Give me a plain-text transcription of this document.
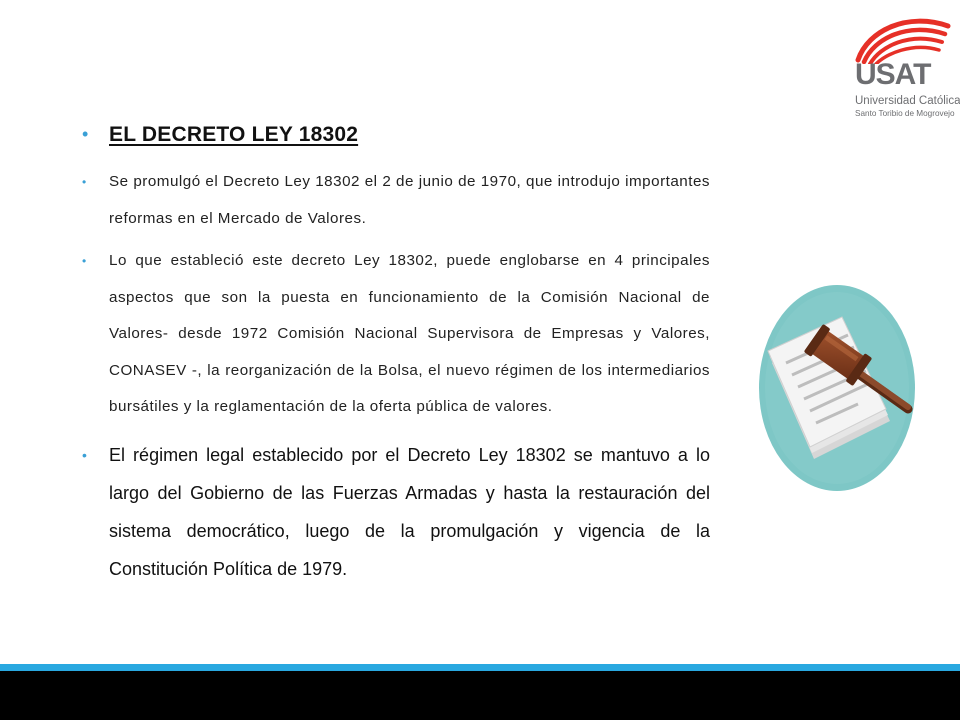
USAT
Universidad Católica
Santo Toribio de Mogrovejo
• EL DECRETO LEY 18302
• Se promulgó el Decreto Ley 18302 el 2 de junio de 1970, que introdujo importantes reformas en el Mercado de Valores.
• Lo que estableció este decreto Ley 18302, puede englobarse en 4 principales aspectos que son la puesta en funcionamiento de la Comisión Nacional de Valores- desde 1972 Comisión Nacional Supervisora de Empresas y Valores, CONASEV -, la reorganización de la Bolsa, el nuevo régimen de los intermediarios bursátiles y la reglamentación de la oferta pública de valores.
• El régimen legal establecido por el Decreto Ley 18302 se mantuvo a lo largo del Gobierno de las Fuerzas Armadas y hasta la restauración del sistema democrático, luego de la promulgación y vigencia de la Constitución Política de 1979.
